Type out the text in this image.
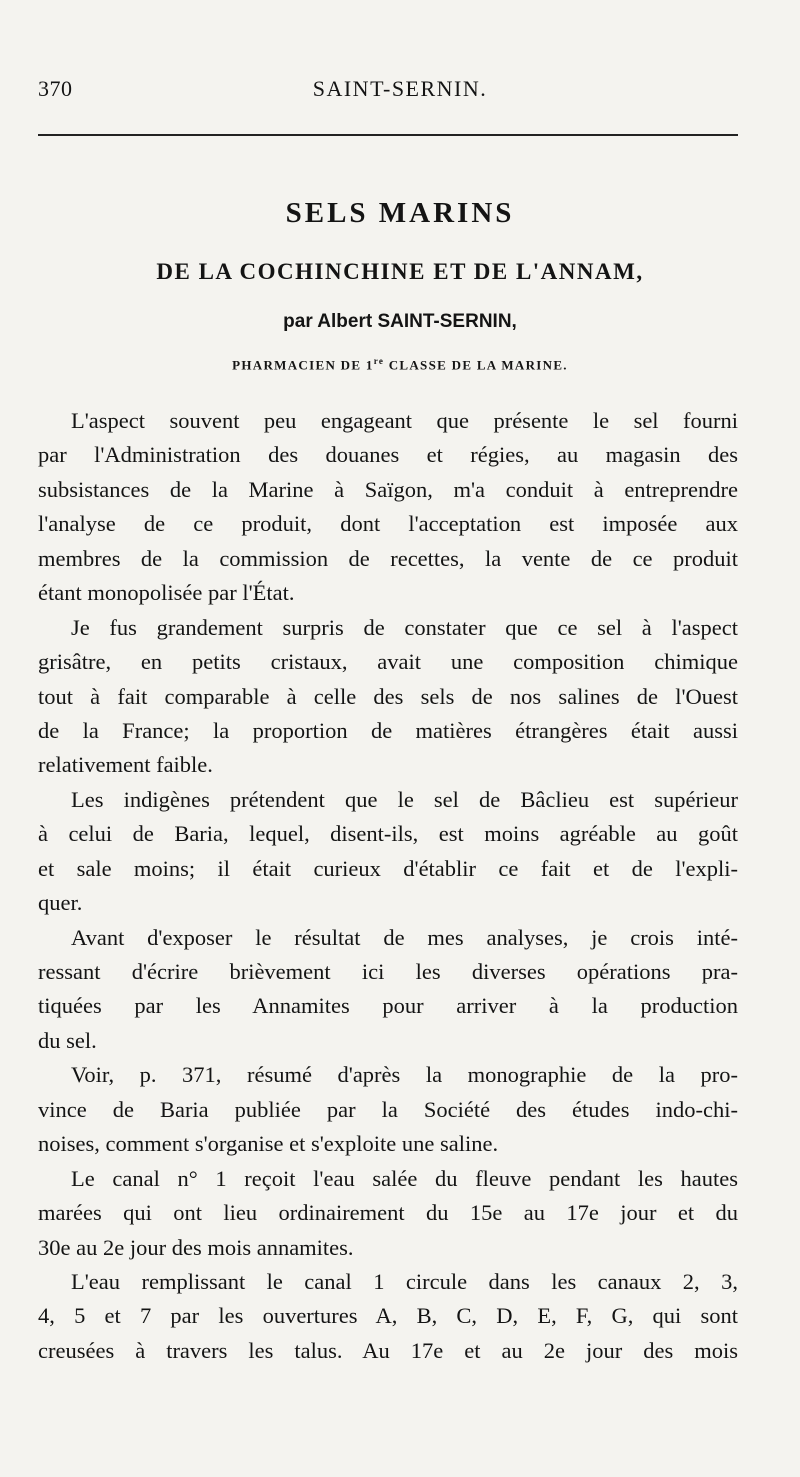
370	SAINT-SERNIN.
SELS MARINS
DE LA COCHINCHINE ET DE L'ANNAM,
par Albert SAINT-SERNIN,
PHARMACIEN DE 1re CLASSE DE LA MARINE.
L'aspect souvent peu engageant que présente le sel fourni
par l'Administration des douanes et régies, au magasin des
subsistances de la Marine à Saïgon, m'a conduit à entreprendre
l'analyse de ce produit, dont l'acceptation est imposée aux
membres de la commission de recettes, la vente de ce produit
étant monopolisée par l'État.
Je fus grandement surpris de constater que ce sel à l'aspect
grisâtre, en petits cristaux, avait une composition chimique
tout à fait comparable à celle des sels de nos salines de l'Ouest
de la France; la proportion de matières étrangères était aussi
relativement faible.
Les indigènes prétendent que le sel de Bâclieu est supérieur
à celui de Baria, lequel, disent-ils, est moins agréable au goût
et sale moins; il était curieux d'établir ce fait et de l'expli-
quer.
Avant d'exposer le résultat de mes analyses, je crois inté-
ressant d'écrire brièvement ici les diverses opérations pra-
tiquées par les Annamites pour arriver à la production
du sel.
Voir, p. 371, résumé d'après la monographie de la pro-
vince de Baria publiée par la Société des études indo-chi-
noises, comment s'organise et s'exploite une saline.
Le canal n° 1 reçoit l'eau salée du fleuve pendant les hautes
marées qui ont lieu ordinairement du 15e au 17e jour et du
30e au 2e jour des mois annamites.
L'eau remplissant le canal 1 circule dans les canaux 2, 3,
4, 5 et 7 par les ouvertures A, B, C, D, E, F, G, qui sont
creusées à travers les talus. Au 17e et au 2e jour des mois
